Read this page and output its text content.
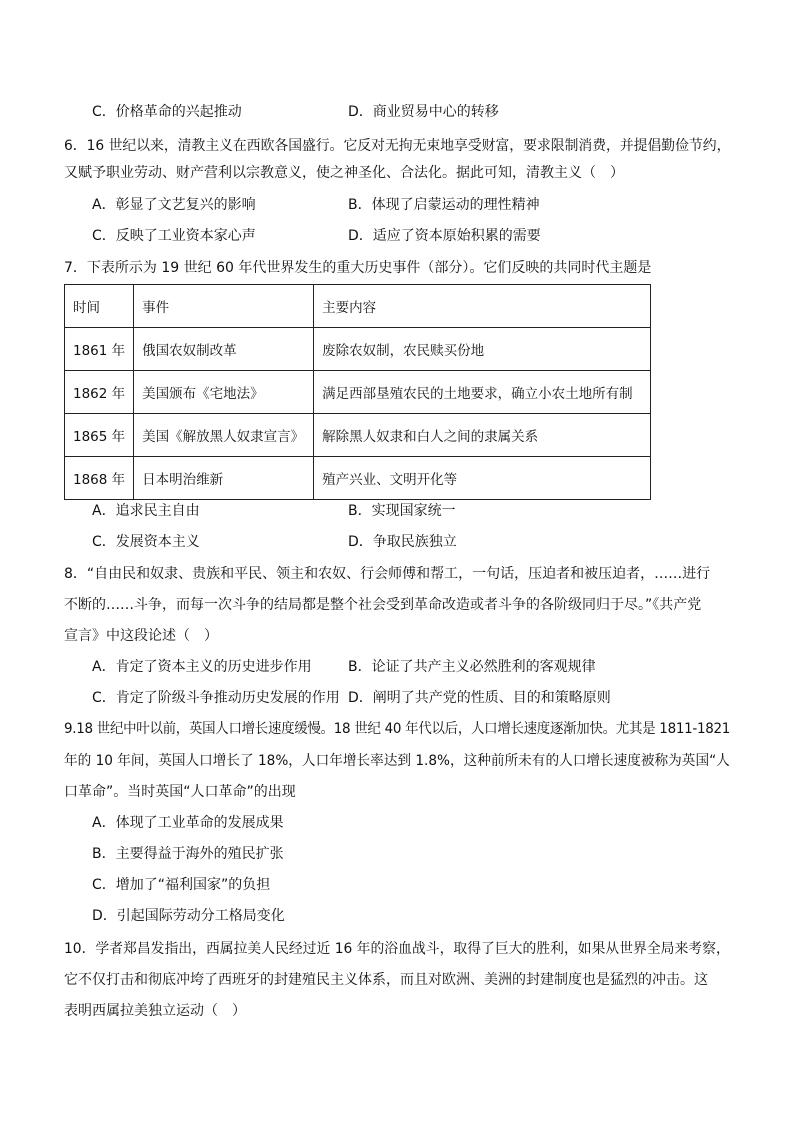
C．价格革命的兴起推动	D．商业贸易中心的转移
6．16 世纪以来，清教主义在西欧各国盛行。它反对无拘无束地享受财富，要求限制消费，并提倡勤俭节约，
又赋予职业劳动、财产营利以宗教意义，使之神圣化、合法化。据此可知，清教主义（　）
A．彰显了文艺复兴的影响	B．体现了启蒙运动的理性精神
C．反映了工业资本家心声	D．适应了资本原始积累的需要
7．下表所示为 19 世纪 60 年代世界发生的重大历史事件（部分）。它们反映的共同时代主题是
时间	事件	主要内容
1861 年	俄国农奴制改革	废除农奴制，农民赎买份地
1862 年	美国颁布《宅地法》	满足西部垦殖农民的土地要求，确立小农土地所有制
1865 年	美国《解放黑人奴隶宣言》	解除黑人奴隶和白人之间的隶属关系
1868 年	日本明治维新	殖产兴业、文明开化等
A．追求民主自由	B．实现国家统一
C．发展资本主义	D．争取民族独立
8．“自由民和奴隶、贵族和平民、领主和农奴、行会师傅和帮工，一句话，压迫者和被压迫者，……进行
不断的……斗争，而每一次斗争的结局都是整个社会受到革命改造或者斗争的各阶级同归于尽。”《共产党
宣言》中这段论述（　）
A．肯定了资本主义的历史进步作用	B．论证了共产主义必然胜利的客观规律
C．肯定了阶级斗争推动历史发展的作用 D．阐明了共产党的性质、目的和策略原则
9.18 世纪中叶以前，英国人口增长速度缓慢。18 世纪 40 年代以后，人口增长速度逐渐加快。尤其是 1811-1821
年的 10 年间，英国人口增长了 18%，人口年增长率达到 1.8%，这种前所未有的人口增长速度被称为英国“人
口革命”。当时英国“人口革命”的出现
A．体现了工业革命的发展成果
B．主要得益于海外的殖民扩张
C．增加了“福利国家”的负担
D．引起国际劳动分工格局变化
10．学者郑昌发指出，西属拉美人民经过近 16 年的浴血战斗，取得了巨大的胜利，如果从世界全局来考察，
它不仅打击和彻底冲垮了西班牙的封建殖民主义体系，而且对欧洲、美洲的封建制度也是猛烈的冲击。这
表明西属拉美独立运动（　）
